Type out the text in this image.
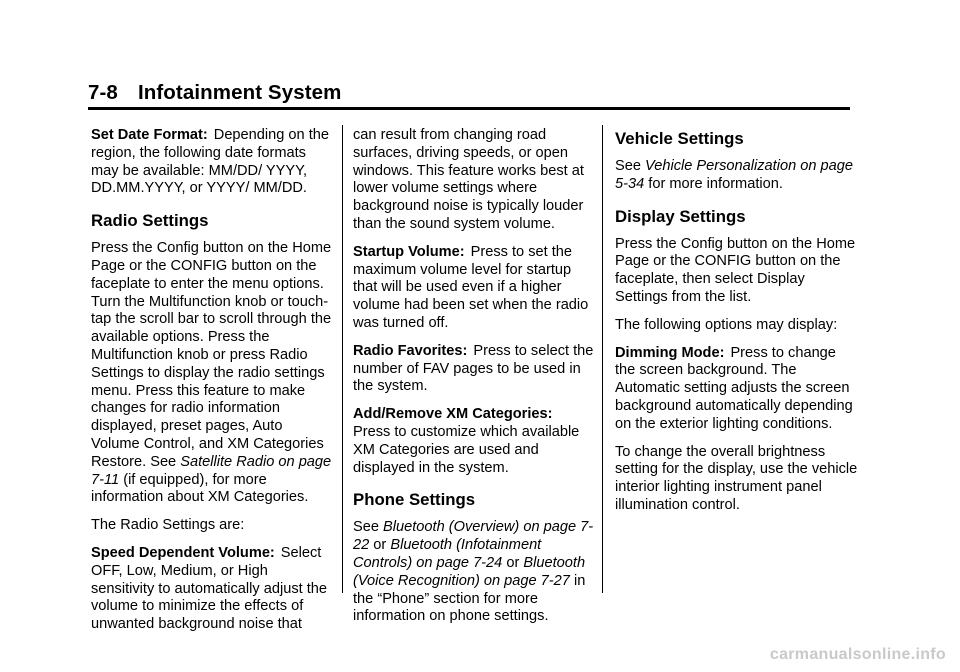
7-8 Infotainment System

Set Date Format: Depending on the region, the following date formats may be available: MM/DD/ YYYY, DD.MM.YYYY, or YYYY/ MM/DD.

Radio Settings

Press the Config button on the Home Page or the CONFIG button on the faceplate to enter the menu options. Turn the Multifunction knob or touch-tap the scroll bar to scroll through the available options. Press the Multifunction knob or press Radio Settings to display the radio settings menu. Press this feature to make changes for radio information displayed, preset pages, Auto Volume Control, and XM Categories Restore. See Satellite Radio on page 7-11 (if equipped), for more information about XM Categories.

The Radio Settings are:

Speed Dependent Volume: Select OFF, Low, Medium, or High sensitivity to automatically adjust the volume to minimize the effects of unwanted background noise that

can result from changing road surfaces, driving speeds, or open windows. This feature works best at lower volume settings where background noise is typically louder than the sound system volume.

Startup Volume: Press to set the maximum volume level for startup that will be used even if a higher volume had been set when the radio was turned off.

Radio Favorites: Press to select the number of FAV pages to be used in the system.

Add/Remove XM Categories:
Press to customize which available XM Categories are used and displayed in the system.

Phone Settings

See Bluetooth (Overview) on page 7-22 or Bluetooth (Infotainment Controls) on page 7-24 or Bluetooth (Voice Recognition) on page 7-27 in the “Phone” section for more information on phone settings.

Vehicle Settings

See Vehicle Personalization on page 5-34 for more information.

Display Settings

Press the Config button on the Home Page or the CONFIG button on the faceplate, then select Display Settings from the list.

The following options may display:

Dimming Mode: Press to change the screen background. The Automatic setting adjusts the screen background automatically depending on the exterior lighting conditions.

To change the overall brightness setting for the display, use the vehicle interior lighting instrument panel illumination control.

carmanualsonline.info
